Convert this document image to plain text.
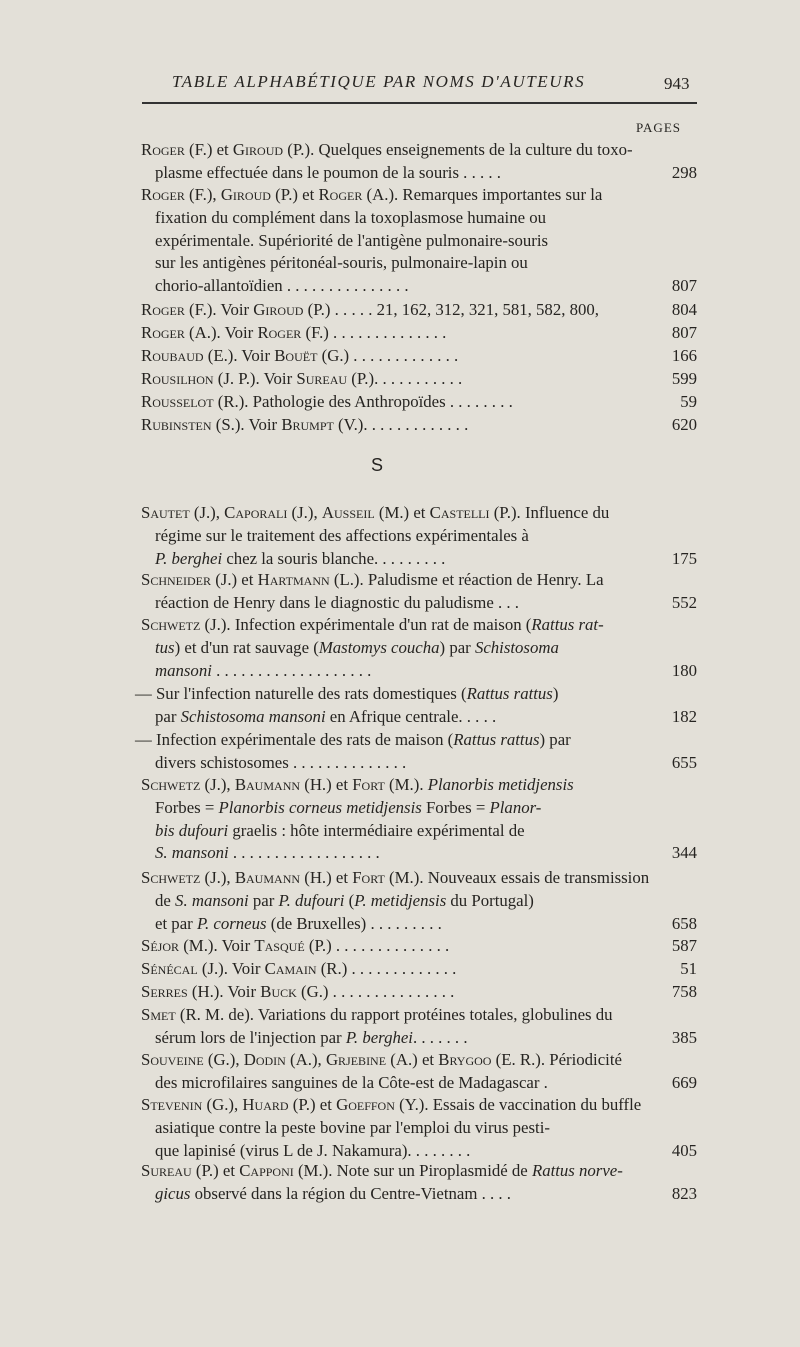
TABLE ALPHABÉTIQUE PAR NOMS D'AUTEURS	943
PAGES
S
Roger (F.) et Giroud (P.). Quelques enseignements de la culture du toxo-
plasme effectuée dans le poumon de la souris . . . . .	298
Roger (F.), Giroud (P.) et Roger (A.). Remarques importantes sur la
fixation du complément dans la toxoplasmose humaine ou
expérimentale. Supériorité de l'antigène pulmonaire-souris
sur les antigènes péritonéal-souris, pulmonaire-lapin ou
chorio-allantoïdien . . . . . . . . . . . . . . .	807
Roger (F.). Voir Giroud (P.) . . . . . 21, 162, 312, 321, 581, 582, 800,	804
Roger (A.). Voir Roger (F.) . . . . . . . . . . . . . .	807
Roubaud (E.). Voir Bouët (G.) . . . . . . . . . . . . .	166
Rousilhon (J. P.). Voir Sureau (P.). . . . . . . . . . .	599
Rousselot (R.). Pathologie des Anthropoïdes . . . . . . . .	59
Rubinsten (S.). Voir Brumpt (V.). . . . . . . . . . . . .	620
Sautet (J.), Caporali (J.), Ausseil (M.) et Castelli (P.). Influence du
régime sur le traitement des affections expérimentales à
P. berghei chez la souris blanche. . . . . . . . .	175
Schneider (J.) et Hartmann (L.). Paludisme et réaction de Henry. La
réaction de Henry dans le diagnostic du paludisme . . .	552
Schwetz (J.). Infection expérimentale d'un rat de maison (Rattus rat-
tus) et d'un rat sauvage (Mastomys coucha) par Schistosoma
mansoni . . . . . . . . . . . . . . . . . . .	180
— Sur l'infection naturelle des rats domestiques (Rattus rattus)
par Schistosoma mansoni en Afrique centrale. . . . .	182
— Infection expérimentale des rats de maison (Rattus rattus) par
divers schistosomes . . . . . . . . . . . . . .	655
Schwetz (J.), Baumann (H.) et Fort (M.). Planorbis metidjensis
Forbes = Planorbis corneus metidjensis Forbes = Planor-
bis dufouri graelis : hôte intermédiaire expérimental de
S. mansoni . . . . . . . . . . . . . . . . . .	344
Schwetz (J.), Baumann (H.) et Fort (M.). Nouveaux essais de transmission
de S. mansoni par P. dufouri (P. metidjensis du Portugal)
et par P. corneus (de Bruxelles) . . . . . . . . .	658
Séjor (M.). Voir Tasqué (P.) . . . . . . . . . . . . . .	587
Sénécal (J.). Voir Camain (R.) . . . . . . . . . . . . .	51
Serres (H.). Voir Buck (G.) . . . . . . . . . . . . . . .	758
Smet (R. M. de). Variations du rapport protéines totales, globulines du
sérum lors de l'injection par P. berghei. . . . . . .	385
Souveine (G.), Dodin (A.), Grjebine (A.) et Brygoo (E. R.). Périodicité
des microfilaires sanguines de la Côte-est de Madagascar .	669
Stevenin (G.), Huard (P.) et Goeffon (Y.). Essais de vaccination du buffle
asiatique contre la peste bovine par l'emploi du virus pesti-
que lapinisé (virus L de J. Nakamura). . . . . . . .	405
Sureau (P.) et Capponi (M.). Note sur un Piroplasmidé de Rattus norve-
gicus observé dans la région du Centre-Vietnam . . . .	823
